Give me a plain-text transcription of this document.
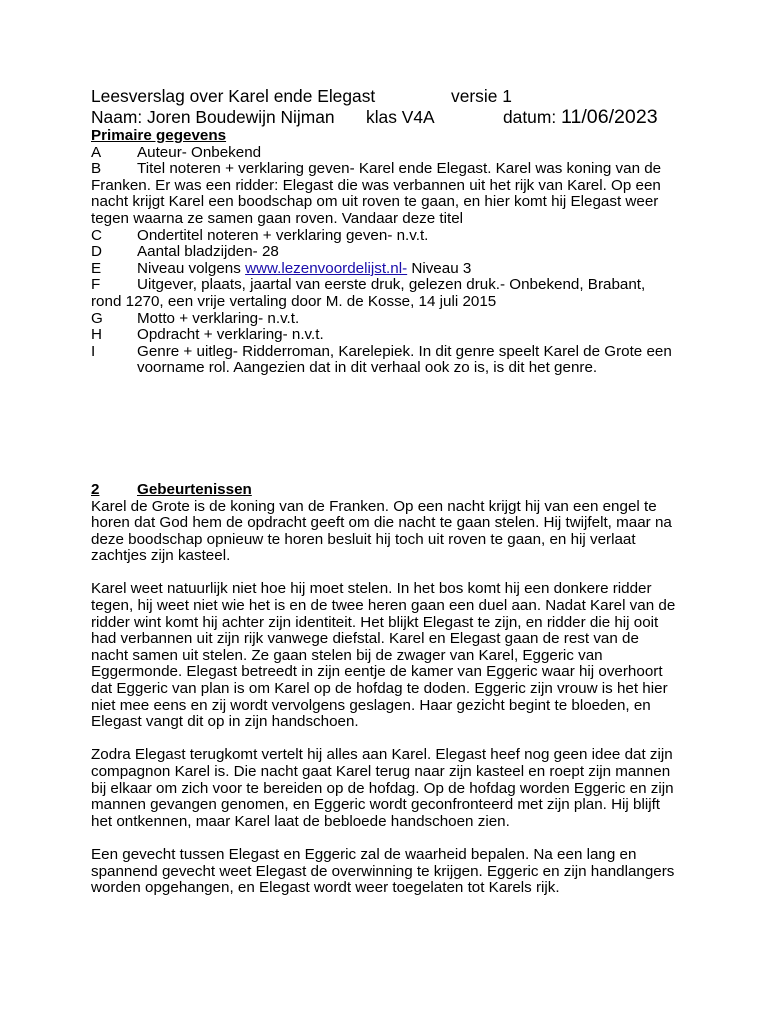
Leesverslag over Karel ende Elegast	versie 1
Naam: Joren Boudewijn Nijman klas V4A	datum: 11/06/2023
Primaire gegevens
A Auteur- Onbekend
B Titel noteren + verklaring geven- Karel ende Elegast. Karel was koning van de Franken. Er was een ridder: Elegast die was verbannen uit het rijk van Karel. Op een nacht krijgt Karel een boodschap om uit roven te gaan, en hier komt hij Elegast weer tegen waarna ze samen gaan roven. Vandaar deze titel
C Ondertitel noteren + verklaring geven- n.v.t.
D Aantal bladzijden- 28
E Niveau volgens www.lezenvoordelijst.nl- Niveau 3
F Uitgever, plaats, jaartal van eerste druk, gelezen druk.- Onbekend, Brabant, rond 1270, een vrije vertaling door M. de Kosse, 14 juli 2015
G Motto + verklaring- n.v.t.
H Opdracht + verklaring- n.v.t.
I	Genre + uitleg- Ridderroman, Karelepiek. In dit genre speelt Karel de Grote een voorname rol. Aangezien dat in dit verhaal ook zo is, is dit het genre.
2 Gebeurtenissen

Karel de Grote is de koning van de Franken. Op een nacht krijgt hij van een engel te horen dat God hem de opdracht geeft om die nacht te gaan stelen. Hij twijfelt, maar na deze boodschap opnieuw te horen besluit hij toch uit roven te gaan, en hij verlaat zachtjes zijn kasteel.

Karel weet natuurlijk niet hoe hij moet stelen. In het bos komt hij een donkere ridder tegen, hij weet niet wie het is en de twee heren gaan een duel aan. Nadat Karel van de ridder wint komt hij achter zijn identiteit. Het blijkt Elegast te zijn, en ridder die hij ooit had verbannen uit zijn rijk vanwege diefstal. Karel en Elegast gaan de rest van de nacht samen uit stelen. Ze gaan stelen bij de zwager van Karel, Eggeric van Eggermonde. Elegast betreedt in zijn eentje de kamer van Eggeric waar hij overhoort dat Eggeric van plan is om Karel op de hofdag te doden. Eggeric zijn vrouw is het hier niet mee eens en zij wordt vervolgens geslagen. Haar gezicht begint te bloeden, en Elegast vangt dit op in zijn handschoen.

Zodra Elegast terugkomt vertelt hij alles aan Karel. Elegast heef nog geen idee dat zijn compagnon Karel is. Die nacht gaat Karel terug naar zijn kasteel en roept zijn mannen bij elkaar om zich voor te bereiden op de hofdag. Op de hofdag worden Eggeric en zijn mannen gevangen genomen, en Eggeric wordt geconfronteerd met zijn plan. Hij blijft het ontkennen, maar Karel laat de bebloede handschoen zien.

Een gevecht tussen Elegast en Eggeric zal de waarheid bepalen. Na een lang en spannend gevecht weet Elegast de overwinning te krijgen. Eggeric en zijn handlangers worden opgehangen, en Elegast wordt weer toegelaten tot Karels rijk.
